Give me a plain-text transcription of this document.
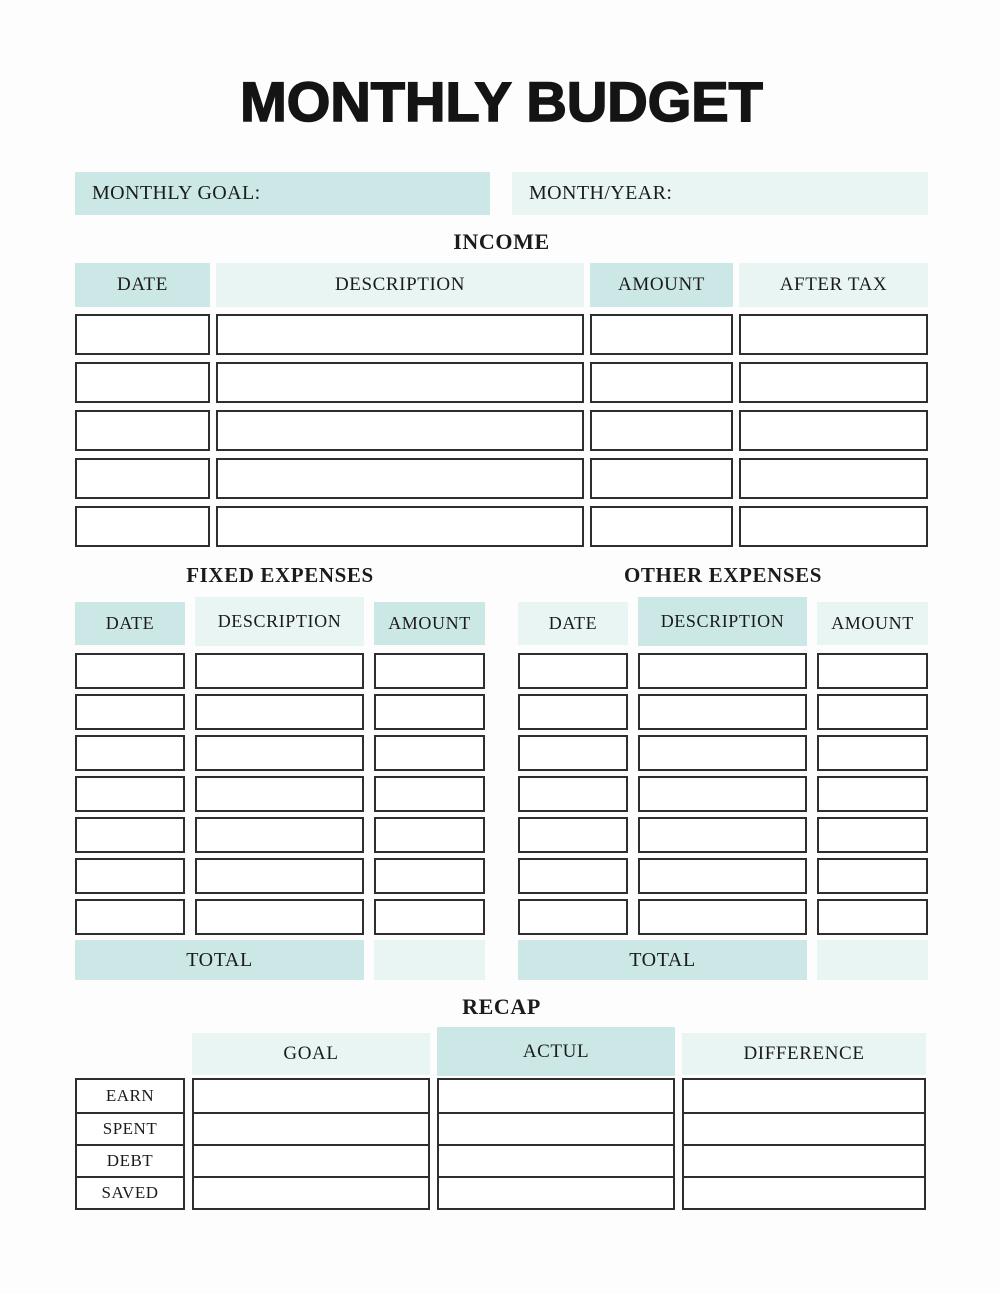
MONTHLY BUDGET
MONTHLY GOAL:	MONTH/YEAR:
INCOME
DATE	DESCRIPTION	AMOUNT	AFTER TAX
FIXED EXPENSES
DATE	DESCRIPTION	AMOUNT
TOTAL
OTHER EXPENSES
DATE	DESCRIPTION	AMOUNT
TOTAL
RECAP
GOAL	ACTUL	DIFFERENCE
EARN
SPENT
DEBT
SAVED
